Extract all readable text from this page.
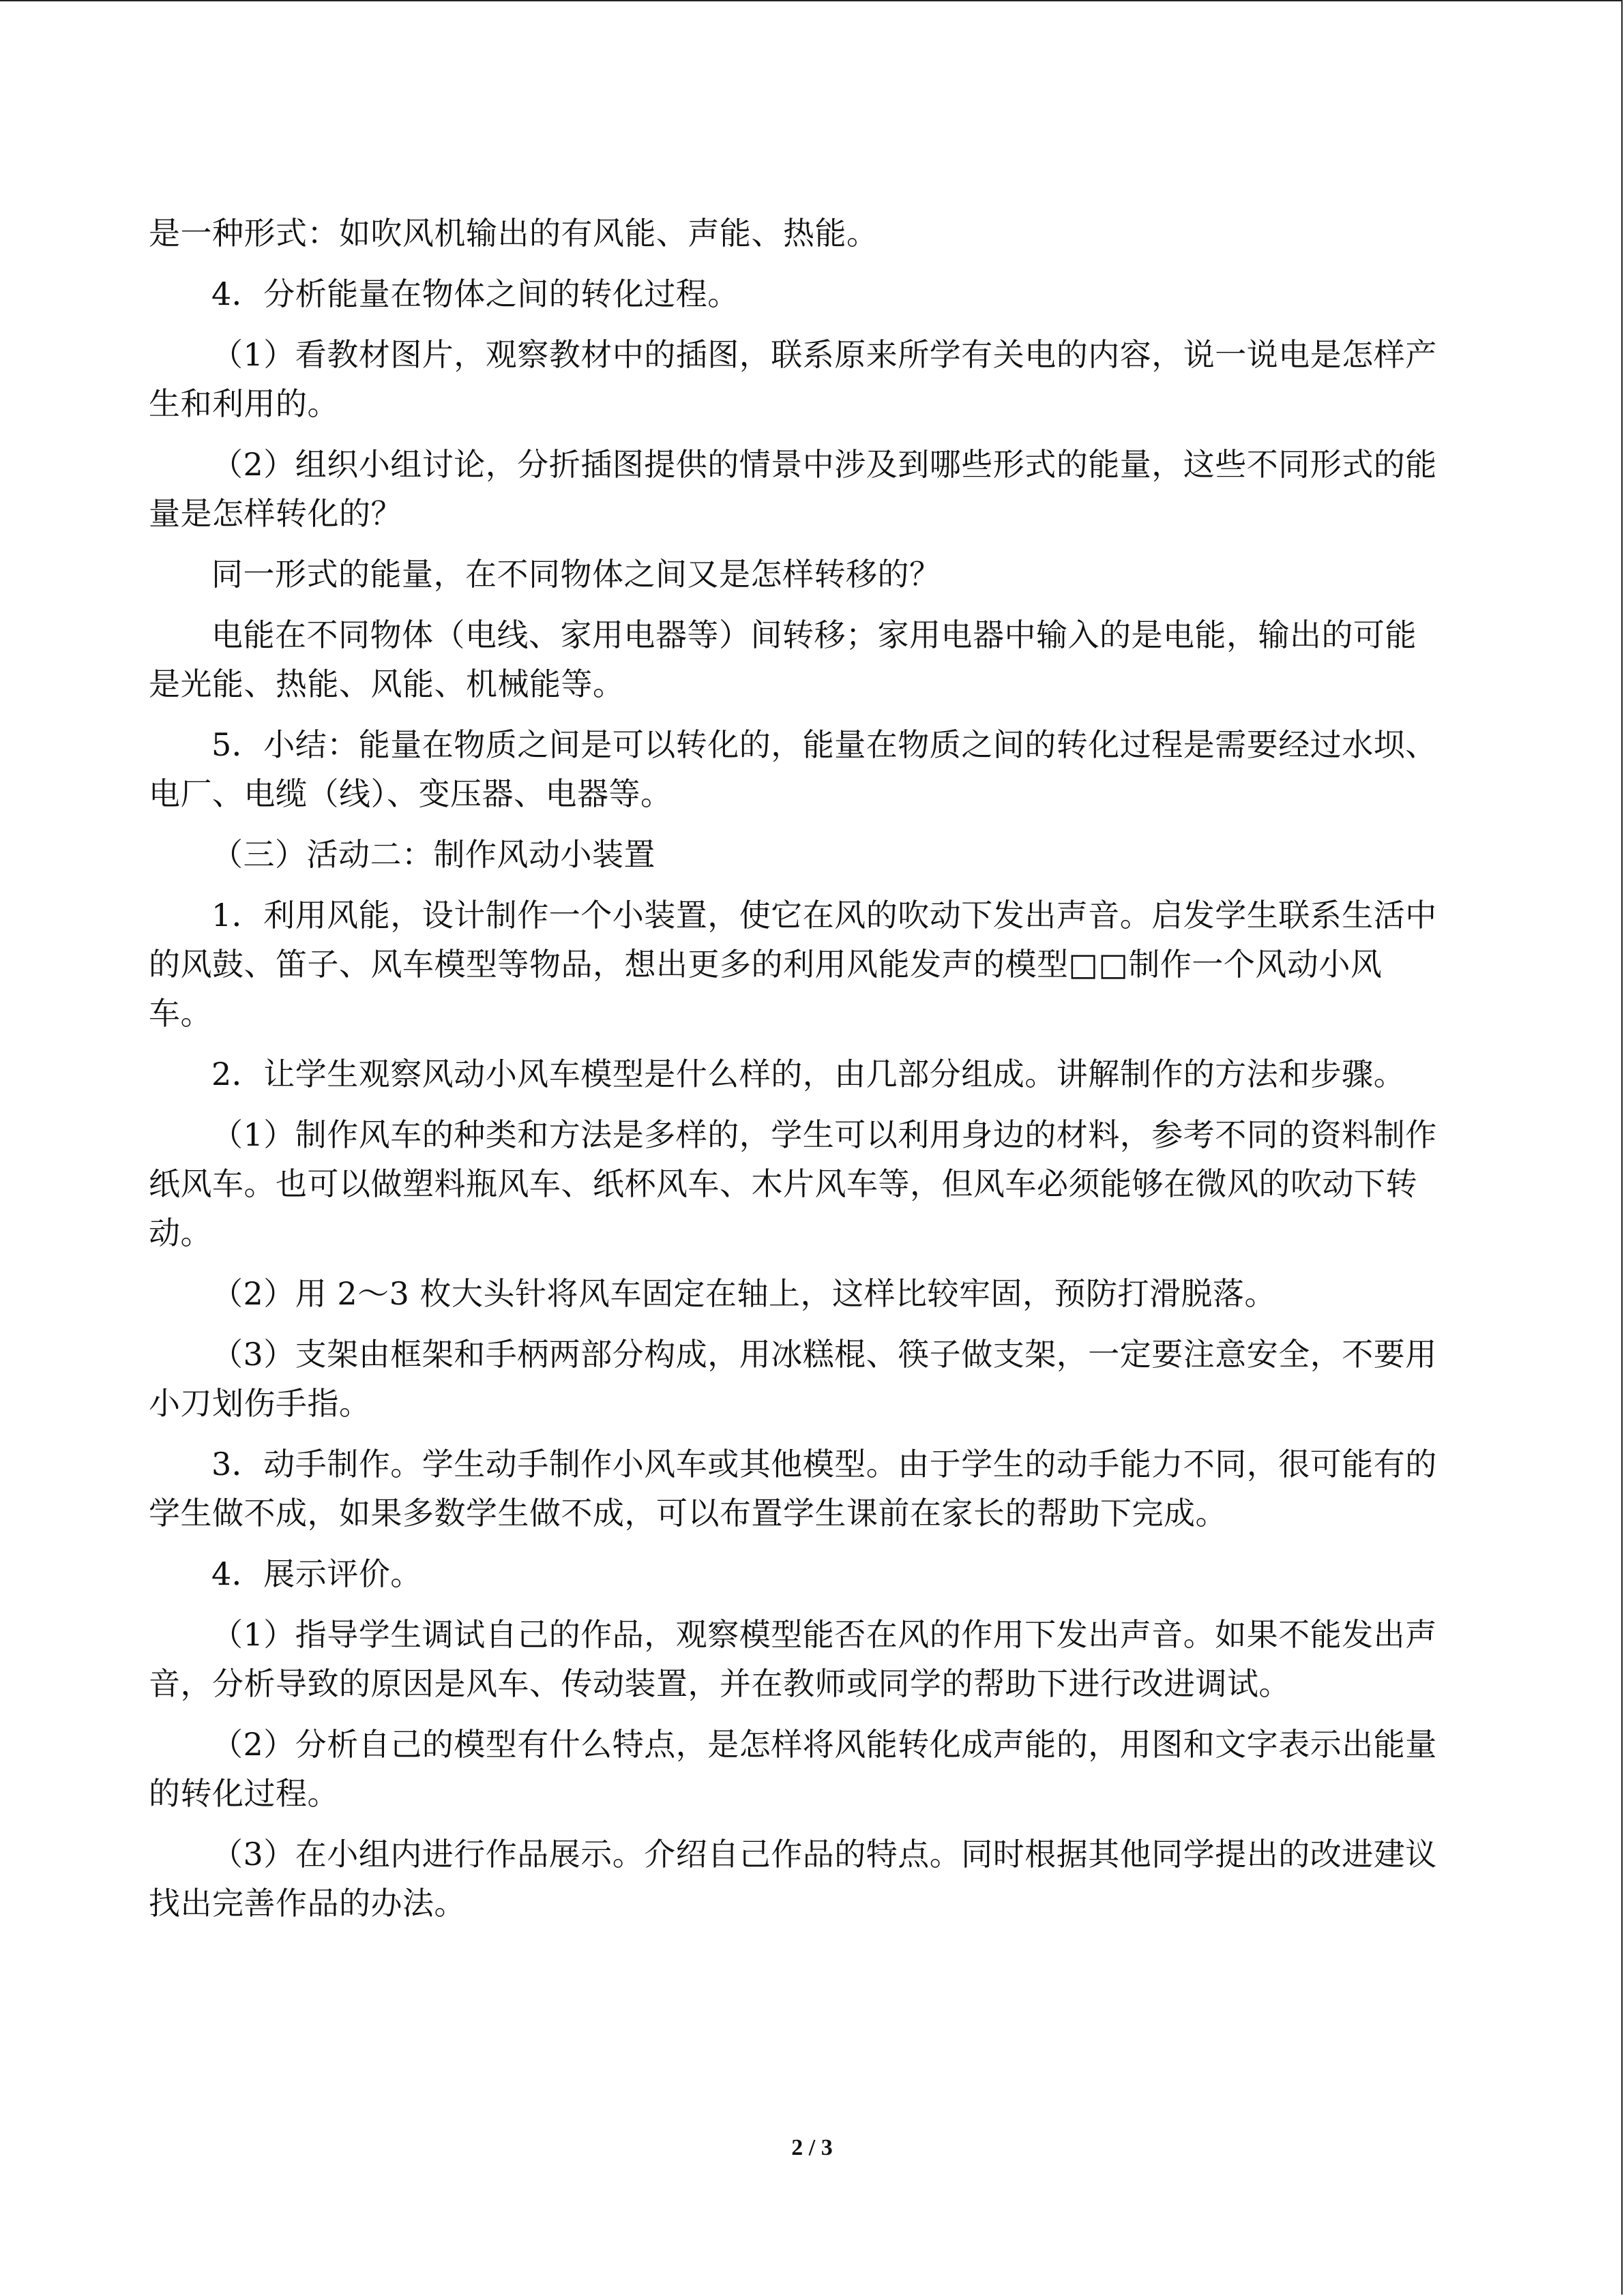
是一种形式：如吹风机输出的有风能、声能、热能。

4．分析能量在物体之间的转化过程。

（1）看教材图片，观察教材中的插图，联系原来所学有关电的内容，说一说电是怎样产

生和利用的。

（2）组织小组讨论，分折插图提供的情景中涉及到哪些形式的能量，这些不同形式的能

量是怎样转化的？

同一形式的能量，在不同物体之间又是怎样转移的？

电能在不同物体（电线、家用电器等）间转移；家用电器中输入的是电能，输出的可能

是光能、热能、风能、机械能等。

5．小结：能量在物质之间是可以转化的，能量在物质之间的转化过程是需要经过水坝、

电厂、电缆（线）、变压器、电器等。

（三）活动二：制作风动小装置

1．利用风能，设计制作一个小装置，使它在风的吹动下发出声音。启发学生联系生活中

的风鼓、笛子、风车模型等物品，想出更多的利用风能发声的模型□□制作一个风动小风

车。

2．让学生观察风动小风车模型是什么样的，由几部分组成。讲解制作的方法和步骤。

（1）制作风车的种类和方法是多样的，学生可以利用身边的材料，参考不同的资料制作

纸风车。也可以做塑料瓶风车、纸杯风车、木片风车等，但风车必须能够在微风的吹动下转

动。

（2）用 2～3 枚大头针将风车固定在轴上，这样比较牢固，预防打滑脱落。

（3）支架由框架和手柄两部分构成，用冰糕棍、筷子做支架，一定要注意安全，不要用

小刀划伤手指。

3．动手制作。学生动手制作小风车或其他模型。由于学生的动手能力不同，很可能有的

学生做不成，如果多数学生做不成，可以布置学生课前在家长的帮助下完成。

4．展示评价。

（1）指导学生调试自己的作品，观察模型能否在风的作用下发出声音。如果不能发出声

音，分析导致的原因是风车、传动装置，并在教师或同学的帮助下进行改进调试。

（2）分析自己的模型有什么特点，是怎样将风能转化成声能的，用图和文字表示出能量

的转化过程。

（3）在小组内进行作品展示。介绍自己作品的特点。同时根据其他同学提出的改进建议

找出完善作品的办法。

2 / 3
